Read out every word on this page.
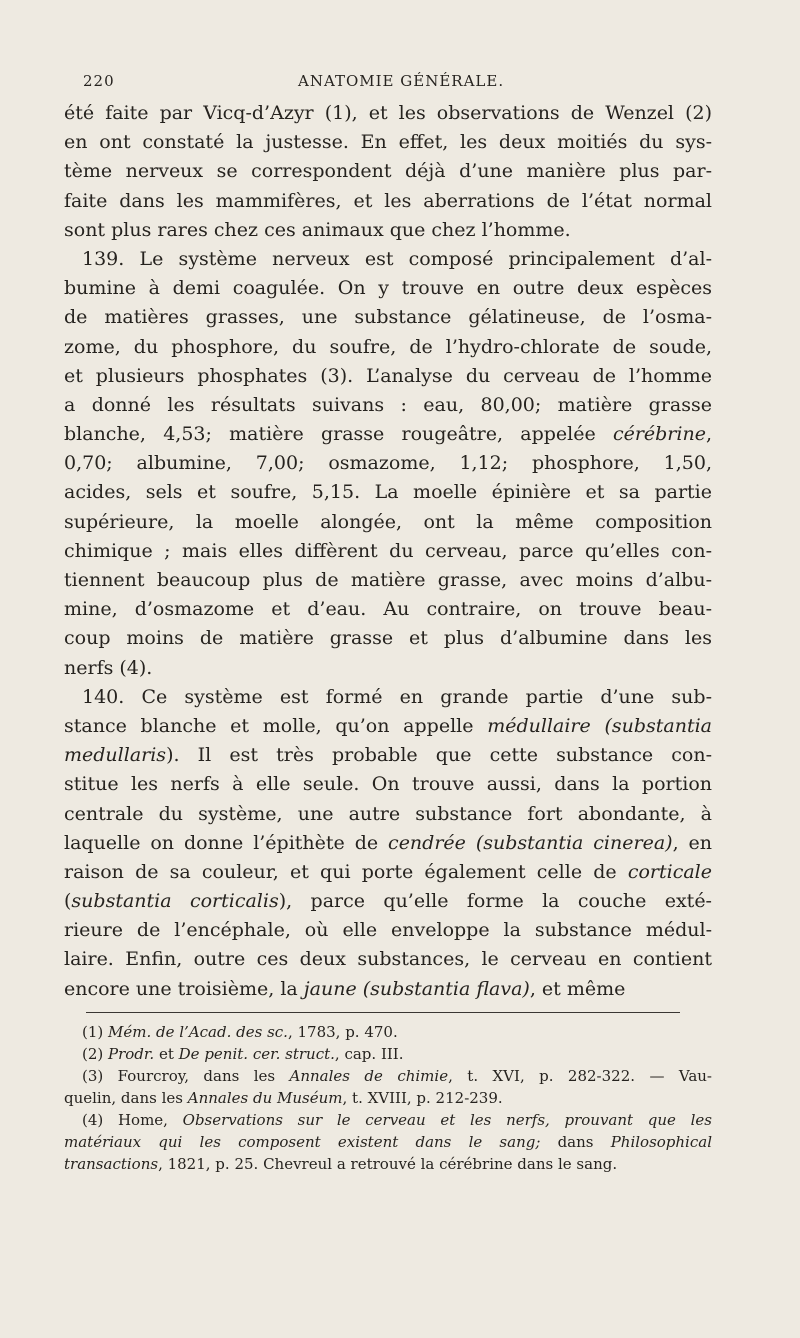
220	ANATOMIE GÉNÉRALE.
été faite par Vicq-d’Azyr (1), et les observations de Wenzel (2)
en ont constaté la justesse. En effet, les deux moitiés du sys-
tème nerveux se correspondent déjà d’une manière plus par-
faite dans les mammifères, et les aberrations de l’état normal
sont plus rares chez ces animaux que chez l’homme.
139. Le système nerveux est composé principalement d’al-
bumine à demi coagulée. On y trouve en outre deux espèces
de matières grasses, une substance gélatineuse, de l’osma-
zome, du phosphore, du soufre, de l’hydro-chlorate de soude,
et plusieurs phosphates (3). L’analyse du cerveau de l’homme
a donné les résultats suivans : eau, 80,00; matière grasse
blanche, 4,53; matière grasse rougeâtre, appelée cérébrine,
0,70; albumine, 7,00; osmazome, 1,12; phosphore, 1,50,
acides, sels et soufre, 5,15. La moelle épinière et sa partie
supérieure, la moelle alongée, ont la même composition
chimique ; mais elles diffèrent du cerveau, parce qu’elles con-
tiennent beaucoup plus de matière grasse, avec moins d’albu-
mine, d’osmazome et d’eau. Au contraire, on trouve beau-
coup moins de matière grasse et plus d’albumine dans les
nerfs (4).
140. Ce système est formé en grande partie d’une sub-
stance blanche et molle, qu’on appelle médullaire (substantia
medullaris). Il est très probable que cette substance con-
stitue les nerfs à elle seule. On trouve aussi, dans la portion
centrale du système, une autre substance fort abondante, à
laquelle on donne l’épithète de cendrée (substantia cinerea), en
raison de sa couleur, et qui porte également celle de corticale
(substantia corticalis), parce qu’elle forme la couche exté-
rieure de l’encéphale, où elle enveloppe la substance médul-
laire. Enfin, outre ces deux substances, le cerveau en contient
encore une troisième, la jaune (substantia flava), et même
(1) Mém. de l’Acad. des sc., 1783, p. 470.
(2) Prodr. et De penit. cer. struct., cap. III.
(3) Fourcroy, dans les Annales de chimie, t. XVI, p. 282-322. — Vau-
quelin, dans les Annales du Muséum, t. XVIII, p. 212-239.
(4) Home, Observations sur le cerveau et les nerfs, prouvant que les
matériaux qui les composent existent dans le sang; dans Philosophical
transactions, 1821, p. 25. Chevreul a retrouvé la cérébrine dans le sang.
